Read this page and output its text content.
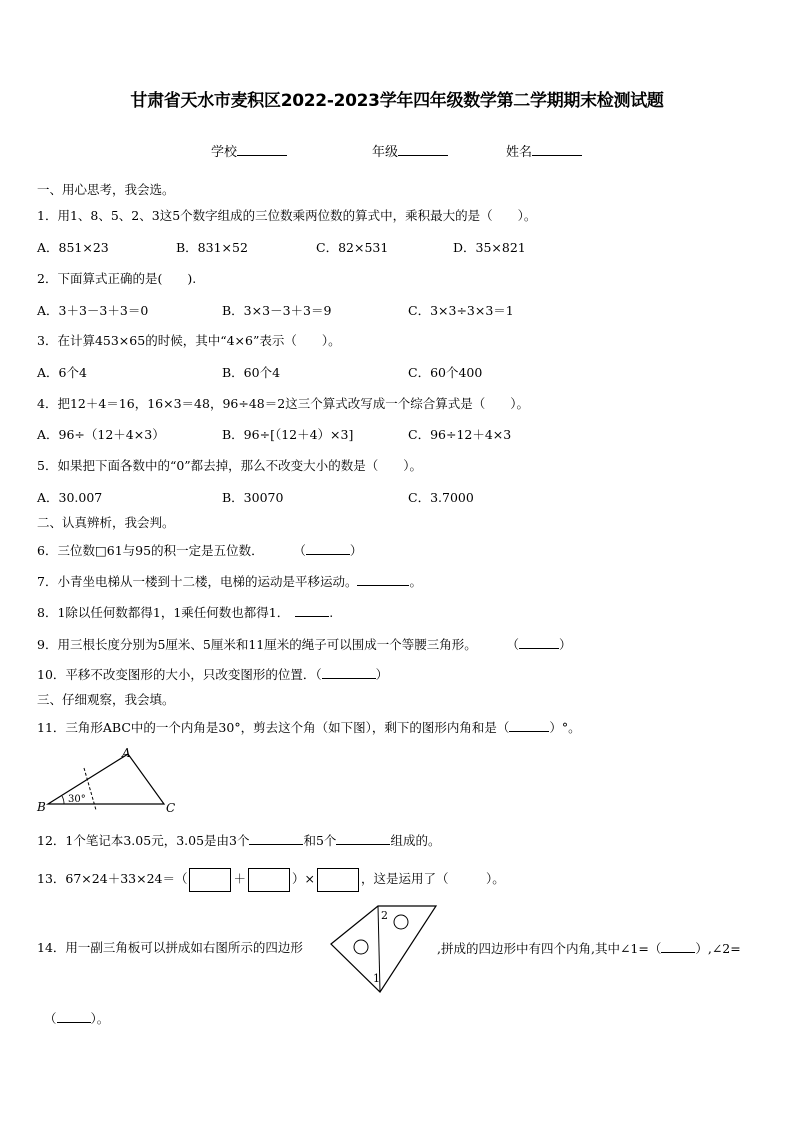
甘肃省天水市麦积区2022-2023学年四年级数学第二学期期末检测试题
学校	年级	姓名
一、用心思考，我会选。
1．用1、8、5、2、3这5个数字组成的三位数乘两位数的算式中，乘积最大的是（　　）。
A．851×23	B．831×52	C．82×531	D．35×821
2．下面算式正确的是(　　).
A．3＋3－3＋3＝0	B．3×3－3＋3＝9	C．3×3÷3×3＝1
3．在计算453×65的时候，其中“4×6”表示（　　）。
A．6个4	B．60个4	C．60个400
4．把12＋4＝16，16×3＝48，96÷48＝2这三个算式改写成一个综合算式是（　　）。
A．96÷（12＋4×3）	B．96÷[（12＋4）×3]	C．96÷12＋4×3
5．如果把下面各数中的“0”都去掉，那么不改变大小的数是（　　）。
A．30.007	B．30070	C．3.7000
二、认真辨析，我会判。
6．三位数□61与95的积一定是五位数．	（	）
7．小青坐电梯从一楼到十二楼，电梯的运动是平移运动。	。
8．1除以任何数都得1，1乘任何数也都得1．	.
9．用三根长度分别为5厘米、5厘米和11厘米的绳子可以围成一个等腰三角形。	（	）
10．平移不改变图形的大小，只改变图形的位置．（	）
三、仔细观察，我会填。
11．三角形ABC中的一个内角是30°，剪去这个角（如下图），剩下的图形内角和是（	）°。
A
B	C
30°
12．1个笔记本3.05元，3.05是由3个	和5个	组成的。
13．67×24＋33×24＝（	＋	）×	，这是运用了（　　　）。
14．用一副三角板可以拼成如右图所示的四边形
2
1
,拼成的四边形中有四个内角,其中∠1=（	）,∠2=
（	）。
